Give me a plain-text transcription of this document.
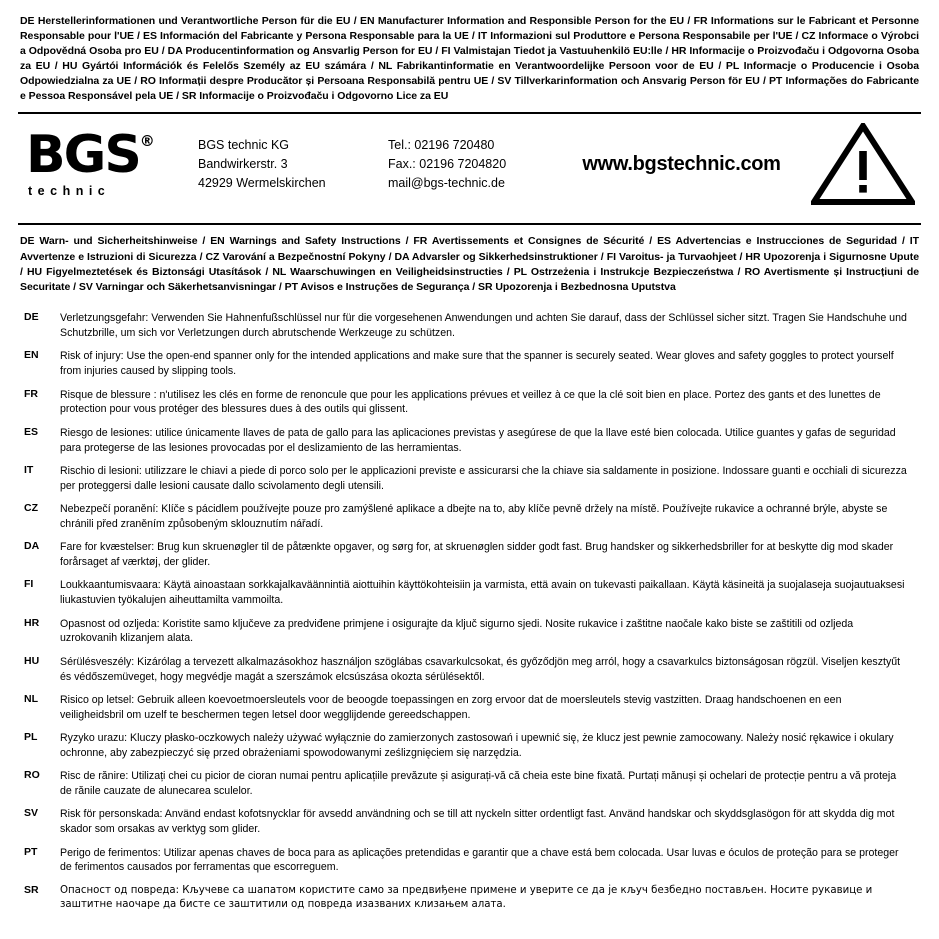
DE Herstellerinformationen und Verantwortliche Person für die EU / EN Manufacturer Information and Responsible Person for the EU / FR Informations sur le Fabricant et Personne Responsable pour l'UE / ES Información del Fabricante y Persona Responsable para la UE / IT Informazioni sul Produttore e Persona Responsabile per l'UE / CZ Informace o Výrobci a Odpovědná Osoba pro EU / DA Producentinformation og Ansvarlig Person for EU / FI Valmistajan Tiedot ja Vastuuhenkilö EU:lle / HR Informacije o Proizvođaču i Odgovorna Osoba za EU / HU Gyártói Információk és Felelős Személy az EU számára / NL Fabrikantinformatie en Verantwoordelijke Persoon voor de EU / PL Informacje o Producencie i Osoba Odpowiedzialna za UE / RO Informații despre Producător și Persoana Responsabilă pentru UE / SV Tillverkarinformation och Ansvarig Person för EU / PT Informações do Fabricante e Pessoa Responsável pela UE / SR Informacije o Proizvođaču i Odgovorno Lice za EU
BGS®
technic
BGS technic KG
Bandwirkerstr. 3
42929 Wermelskirchen
Tel.: 02196 720480
Fax.: 02196 7204820
mail@bgs-technic.de
www.bgstechnic.com
DE Warn- und Sicherheitshinweise / EN Warnings and Safety Instructions / FR Avertissements et Consignes de Sécurité / ES Advertencias e Instrucciones de Seguridad / IT Avvertenze e Istruzioni di Sicurezza / CZ Varování a Bezpečnostní Pokyny / DA Advarsler og Sikkerhedsinstruktioner / FI Varoitus- ja Turvaohjeet / HR Upozorenja i Sigurnosne Upute / HU Figyelmeztetések és Biztonsági Utasítások / NL Waarschuwingen en Veiligheidsinstructies / PL Ostrzeżenia i Instrukcje Bezpieczeństwa / RO Avertismente și Instrucțiuni de Securitate / SV Varningar och Säkerhetsanvisningar / PT Avisos e Instruções de Segurança / SR Upozorenja i Bezbednosna Uputstva
DE	Verletzungsgefahr: Verwenden Sie Hahnenfußschlüssel nur für die vorgesehenen Anwendungen und achten Sie darauf, dass der Schlüssel sicher sitzt. Tragen Sie Handschuhe und Schutzbrille, um sich vor Verletzungen durch abrutschende Werkzeuge zu schützen.
EN	Risk of injury: Use the open-end spanner only for the intended applications and make sure that the spanner is securely seated. Wear gloves and safety goggles to protect yourself from injuries caused by slipping tools.
FR	Risque de blessure : n'utilisez les clés en forme de renoncule que pour les applications prévues et veillez à ce que la clé soit bien en place. Portez des gants et des lunettes de protection pour vous protéger des blessures dues à des outils qui glissent.
ES	Riesgo de lesiones: utilice únicamente llaves de pata de gallo para las aplicaciones previstas y asegúrese de que la llave esté bien colocada. Utilice guantes y gafas de seguridad para protegerse de las lesiones provocadas por el deslizamiento de las herramientas.
IT	Rischio di lesioni: utilizzare le chiavi a piede di porco solo per le applicazioni previste e assicurarsi che la chiave sia saldamente in posizione. Indossare guanti e occhiali di sicurezza per proteggersi dalle lesioni causate dallo scivolamento degli utensili.
CZ	Nebezpečí poranění: Klíče s pácidlem používejte pouze pro zamýšlené aplikace a dbejte na to, aby klíče pevně držely na místě. Používejte rukavice a ochranné brýle, abyste se chránili před zraněním způsobeným sklouznutím nářadí.
DA	Fare for kvæstelser: Brug kun skruenøgler til de påtænkte opgaver, og sørg for, at skruenøglen sidder godt fast. Brug handsker og sikkerhedsbriller for at beskytte dig mod skader forårsaget af værktøj, der glider.
FI	Loukkaantumisvaara: Käytä ainoastaan sorkkajalkaväännintiä aiottuihin käyttökohteisiin ja varmista, että avain on tukevasti paikallaan. Käytä käsineitä ja suojalaseja suojautuaksesi liukastuvien työkalujen aiheuttamilta vammoilta.
HR	Opasnost od ozljeda: Koristite samo ključeve za predviđene primjene i osigurajte da ključ sigurno sjedi. Nosite rukavice i zaštitne naočale kako biste se zaštitili od ozljeda uzrokovanih klizanjem alata.
HU	Sérülésveszély: Kizárólag a tervezett alkalmazásokhoz használjon szöglábas csavarkulcsokat, és győződjön meg arról, hogy a csavarkulcs biztonságosan rögzül. Viseljen kesztyűt és védőszemüveget, hogy megvédje magát a szerszámok elcsúszása okozta sérülésektől.
NL	Risico op letsel: Gebruik alleen koevoetmoersleutels voor de beoogde toepassingen en zorg ervoor dat de moersleutels stevig vastzitten. Draag handschoenen en een veiligheidsbril om uzelf te beschermen tegen letsel door wegglijdende gereedschappen.
PL	Ryzyko urazu: Kluczy płasko-oczkowych należy używać wyłącznie do zamierzonych zastosowań i upewnić się, że klucz jest pewnie zamocowany. Należy nosić rękawice i okulary ochronne, aby zabezpieczyć się przed obrażeniami spowodowanymi ześlizgnięciem się narzędzia.
RO	Risc de rănire: Utilizați chei cu picior de cioran numai pentru aplicațiile prevăzute și asigurați-vă că cheia este bine fixată. Purtați mănuși și ochelari de protecție pentru a vă proteja de rănile cauzate de alunecarea sculelor.
SV	Risk för personskada: Använd endast kofotsnycklar för avsedd användning och se till att nyckeln sitter ordentligt fast. Använd handskar och skyddsglasögon för att skydda dig mot skador som orsakas av verktyg som glider.
PT	Perigo de ferimentos: Utilizar apenas chaves de boca para as aplicações pretendidas e garantir que a chave está bem colocada. Usar luvas e óculos de proteção para se proteger de ferimentos causados por ferramentas que escorreguem.
SR	Опасност од повреда: Кључеве са шапатом користите само за предвиђене примене и уверите се да је кључ безбедно постављен. Носите рукавице и заштитне наочаре да бисте се заштитили од повреда изазваних клизањем алата.
